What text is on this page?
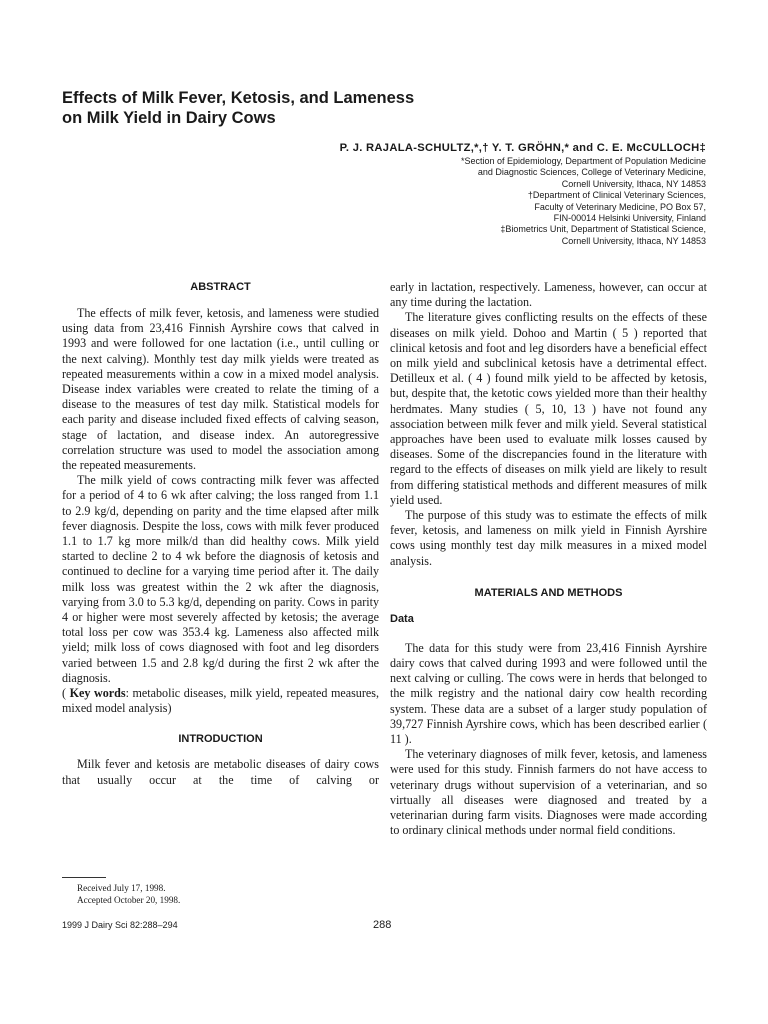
Effects of Milk Fever, Ketosis, and Lameness
on Milk Yield in Dairy Cows
P. J. RAJALA-SCHULTZ,*,† Y. T. GRÖHN,* and C. E. McCULLOCH‡
*Section of Epidemiology, Department of Population Medicine
and Diagnostic Sciences, College of Veterinary Medicine,
Cornell University, Ithaca, NY 14853
†Department of Clinical Veterinary Sciences,
Faculty of Veterinary Medicine, PO Box 57,
FIN-00014 Helsinki University, Finland
‡Biometrics Unit, Department of Statistical Science,
Cornell University, Ithaca, NY 14853
ABSTRACT

The effects of milk fever, ketosis, and lameness were studied using data from 23,416 Finnish Ayrshire cows that calved in 1993 and were followed for one lactation (i.e., until culling or the next calving). Monthly test day milk yields were treated as repeated measurements within a cow in a mixed model analysis. Disease index variables were created to relate the timing of a disease to the measures of test day milk. Statistical models for each parity and disease included fixed effects of calving season, stage of lactation, and disease index. An autoregressive correlation structure was used to model the association among the repeated measurements.

The milk yield of cows contracting milk fever was affected for a period of 4 to 6 wk after calving; the loss ranged from 1.1 to 2.9 kg/d, depending on parity and the time elapsed after milk fever diagnosis. Despite the loss, cows with milk fever produced 1.1 to 1.7 kg more milk/d than did healthy cows. Milk yield started to decline 2 to 4 wk before the diagnosis of ketosis and continued to decline for a varying time period after it. The daily milk loss was greatest within the 2 wk after the diagnosis, varying from 3.0 to 5.3 kg/d, depending on parity. Cows in parity 4 or higher were most severely affected by ketosis; the average total loss per cow was 353.4 kg. Lameness also affected milk yield; milk loss of cows diagnosed with foot and leg disorders varied between 1.5 and 2.8 kg/d during the first 2 wk after the diagnosis.

( Key words: metabolic diseases, milk yield, repeated measures, mixed model analysis)

INTRODUCTION

Milk fever and ketosis are metabolic diseases of dairy cows that usually occur at the time of calving or

early in lactation, respectively. Lameness, however, can occur at any time during the lactation.

The literature gives conflicting results on the effects of these diseases on milk yield. Dohoo and Martin ( 5 ) reported that clinical ketosis and foot and leg disorders have a beneficial effect on milk yield and subclinical ketosis have a detrimental effect. Detilleux et al. ( 4 ) found milk yield to be affected by ketosis, but, despite that, the ketotic cows yielded more than their healthy herdmates. Many studies ( 5, 10, 13 ) have not found any association between milk fever and milk yield. Several statistical approaches have been used to evaluate milk losses caused by diseases. Some of the discrepancies found in the literature with regard to the effects of diseases on milk yield are likely to result from differing statistical methods and different measures of milk yield used.

The purpose of this study was to estimate the effects of milk fever, ketosis, and lameness on milk yield in Finnish Ayrshire cows using monthly test day milk measures in a mixed model analysis.

MATERIALS AND METHODS
Data

The data for this study were from 23,416 Finnish Ayrshire dairy cows that calved during 1993 and were followed until the next calving or culling. The cows were in herds that belonged to the milk registry and the national dairy cow health recording system. These data are a subset of a larger study population of 39,727 Finnish Ayrshire cows, which has been described earlier ( 11 ).

The veterinary diagnoses of milk fever, ketosis, and lameness were used for this study. Finnish farmers do not have access to veterinary drugs without supervision of a veterinarian, and so virtually all diseases were diagnosed and treated by a veterinarian during farm visits. Diagnoses were made according to ordinary clinical methods under normal field conditions.

Received July 17, 1998.
Accepted October 20, 1998.
1999 J Dairy Sci 82:288–294	288
